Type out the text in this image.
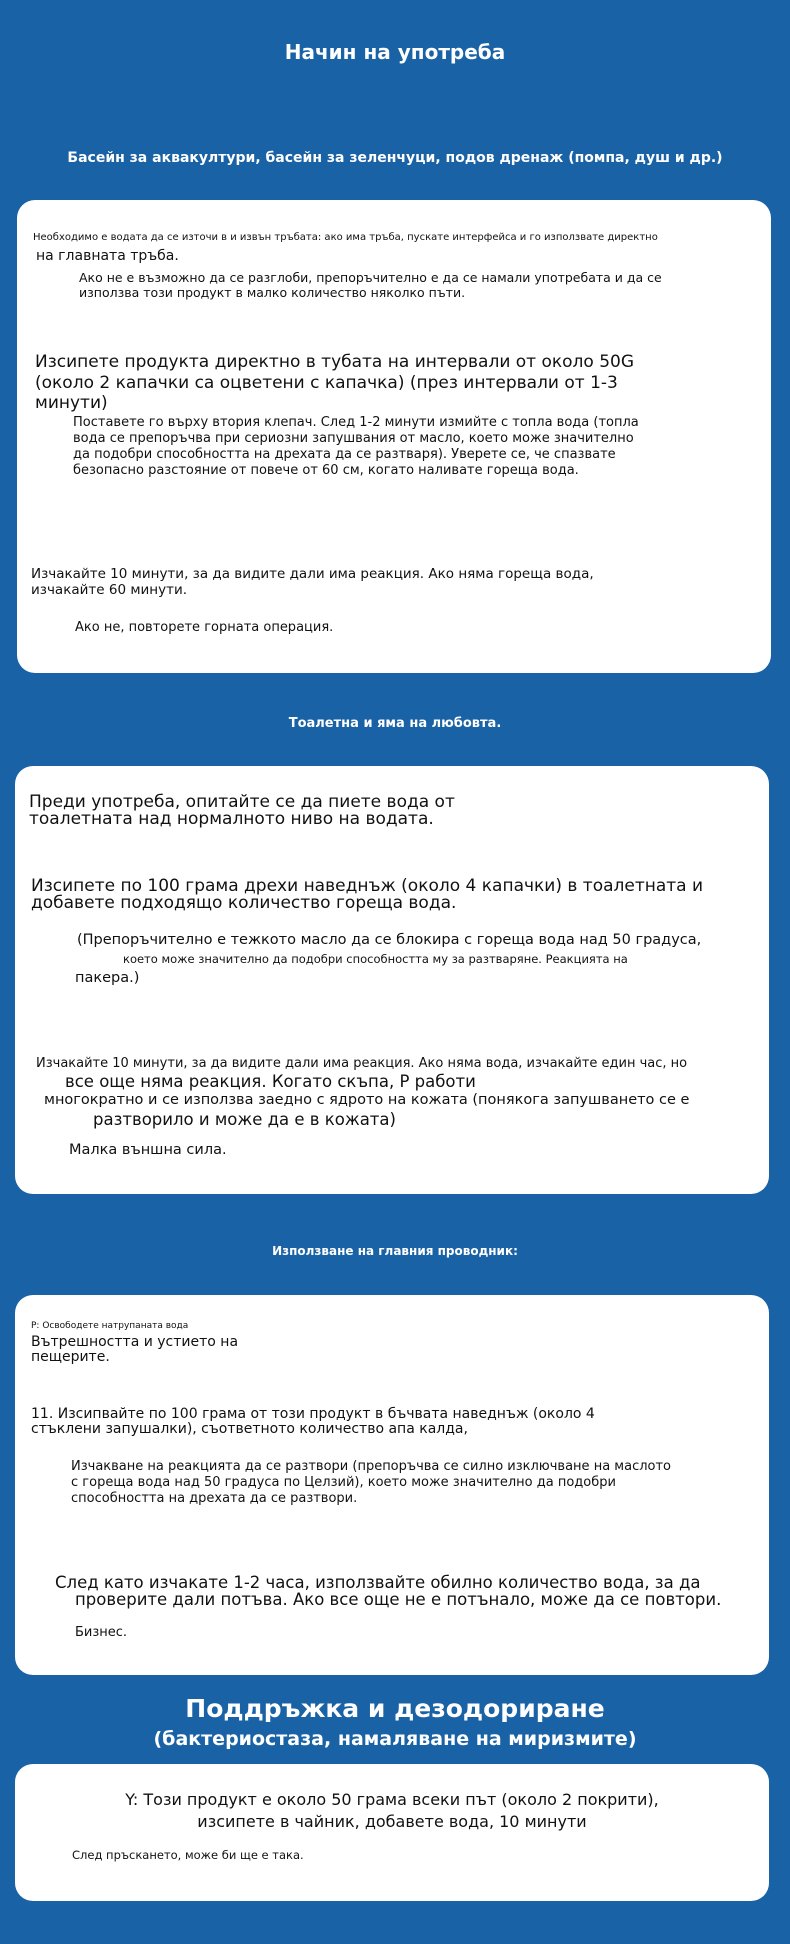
Начин на употреба
Басейн за аквакултури, басейн за зеленчуци, подов дренаж (помпа, душ и др.)

Необходимо е водата да се източи в и извън тръбата: ако има тръба, пускате интерфейса и го използвате директно

на главната тръба.

Ако не е възможно да се разглоби, препоръчително е да се намали употребата и да се използва този продукт в малко количество няколко пъти.

Изсипете продукта директно в тубата на интервали от около 50G (около 2 капачки са оцветени с капачка) (през интервали от 1-3 минути)

Поставете го върху втория клепач. След 1-2 минути измийте с топла вода (топла вода се препоръчва при сериозни запушвания от масло, което може значително да подобри способността на дрехата да се разтваря). Уверете се, че спазвате безопасно разстояние от повече от 60 см, когато наливате гореща вода.

Изчакайте 10 минути, за да видите дали има реакция. Ако няма гореща вода, изчакайте 60 минути.

Ако не, повторете горната операция.

Тоалетна и яма на любовта.

Преди употреба, опитайте се да пиете вода от тоалетната над нормалното ниво на водата.

Изсипете по 100 грама дрехи наведнъж (около 4 капачки) в тоалетната и добавете подходящо количество гореща вода.

(Препоръчително е тежкото масло да се блокира с гореща вода над 50 градуса,

което може значително да подобри способността му за разтваряне. Реакцията на

пакера.)

Изчакайте 10 минути, за да видите дали има реакция. Ако няма вода, изчакайте един час, но

все още няма реакция. Когато скъпа, P работи

многократно и се използва заедно с ядрото на кожата (понякога запушването се е

разтворило и може да е в кожата)

Малка външна сила.

Използване на главния проводник:

P: Освободете натрупаната вода

Вътрешността и устието на пещерите.

11. Изсипвайте по 100 грама от този продукт в бъчвата наведнъж (около 4 стъклени запушалки), съответното количество апа калда,

Изчакване на реакцията да се разтвори (препоръчва се силно изключване на маслото с гореща вода над 50 градуса по Целзий), което може значително да подобри способността на дрехата да се разтвори.

След като изчакате 1-2 часа, използвайте обилно количество вода, за да

проверите дали потъва. Ако все още не е потънало, може да се повтори.

Бизнес.

Поддръжка и дезодориране
(бактериостаза, намаляване на миризмите)

Y: Този продукт е около 50 грама всеки път (около 2 покрити),

изсипете в чайник, добавете вода, 10 минути

След пръскането, може би ще е така.
